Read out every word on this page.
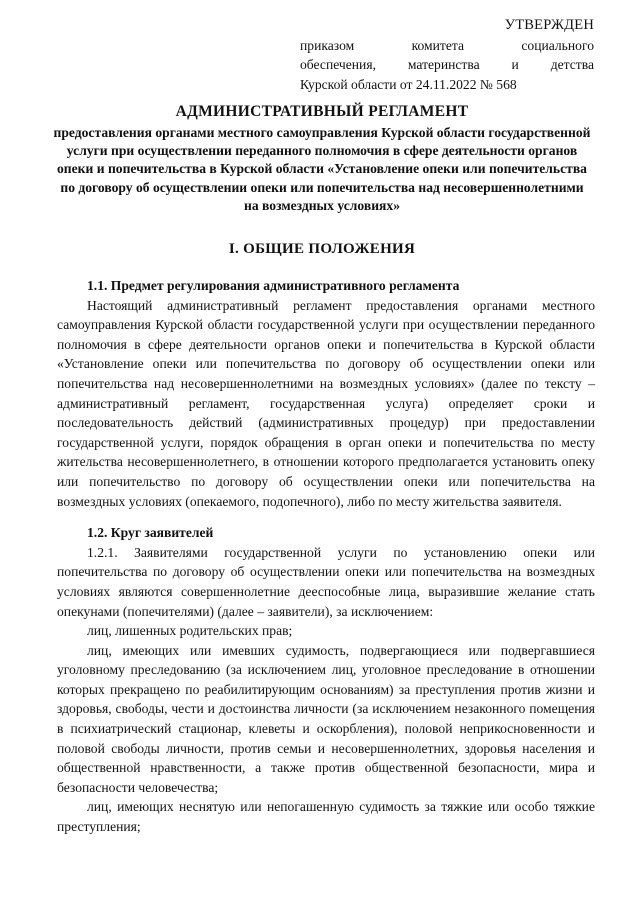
УТВЕРЖДЕН
приказом комитета социального
обеспечения, материнства и детства
Курской области от 24.11.2022 № 568
АДМИНИСТРАТИВНЫЙ РЕГЛАМЕНТ
предоставления органами местного самоуправления Курской области государственной услуги при осуществлении переданного полномочия в сфере деятельности органов опеки и попечительства в Курской области «Установление опеки или попечительства по договору об осуществлении опеки или попечительства над несовершеннолетними на возмездных условиях»
I. ОБЩИЕ ПОЛОЖЕНИЯ
1.1. Предмет регулирования административного регламента

Настоящий административный регламент предоставления органами местного самоуправления Курской области государственной услуги при осуществлении переданного полномочия в сфере деятельности органов опеки и попечительства в Курской области «Установление опеки или попечительства по договору об осуществлении опеки или попечительства над несовершеннолетними на возмездных условиях» (далее по тексту – административный регламент, государственная услуга) определяет сроки и последовательность действий (административных процедур) при предоставлении государственной услуги, порядок обращения в орган опеки и попечительства по месту жительства несовершеннолетнего, в отношении которого предполагается установить опеку или попечительство по договору об осуществлении опеки или попечительства на возмездных условиях (опекаемого, подопечного), либо по месту жительства заявителя.

1.2. Круг заявителей

1.2.1. Заявителями государственной услуги по установлению опеки или попечительства по договору об осуществлении опеки или попечительства на возмездных условиях являются совершеннолетние дееспособные лица, выразившие желание стать опекунами (попечителями) (далее – заявители), за исключением:

лиц, лишенных родительских прав;

лиц, имеющих или имевших судимость, подвергающиеся или подвергавшиеся уголовному преследованию (за исключением лиц, уголовное преследование в отношении которых прекращено по реабилитирующим основаниям) за преступления против жизни и здоровья, свободы, чести и достоинства личности (за исключением незаконного помещения в психиатрический стационар, клеветы и оскорбления), половой неприкосновенности и половой свободы личности, против семьи и несовершеннолетних, здоровья населения и общественной нравственности, а также против общественной безопасности, мира и безопасности человечества;

лиц, имеющих неснятую или непогашенную судимость за тяжкие или особо тяжкие преступления;
